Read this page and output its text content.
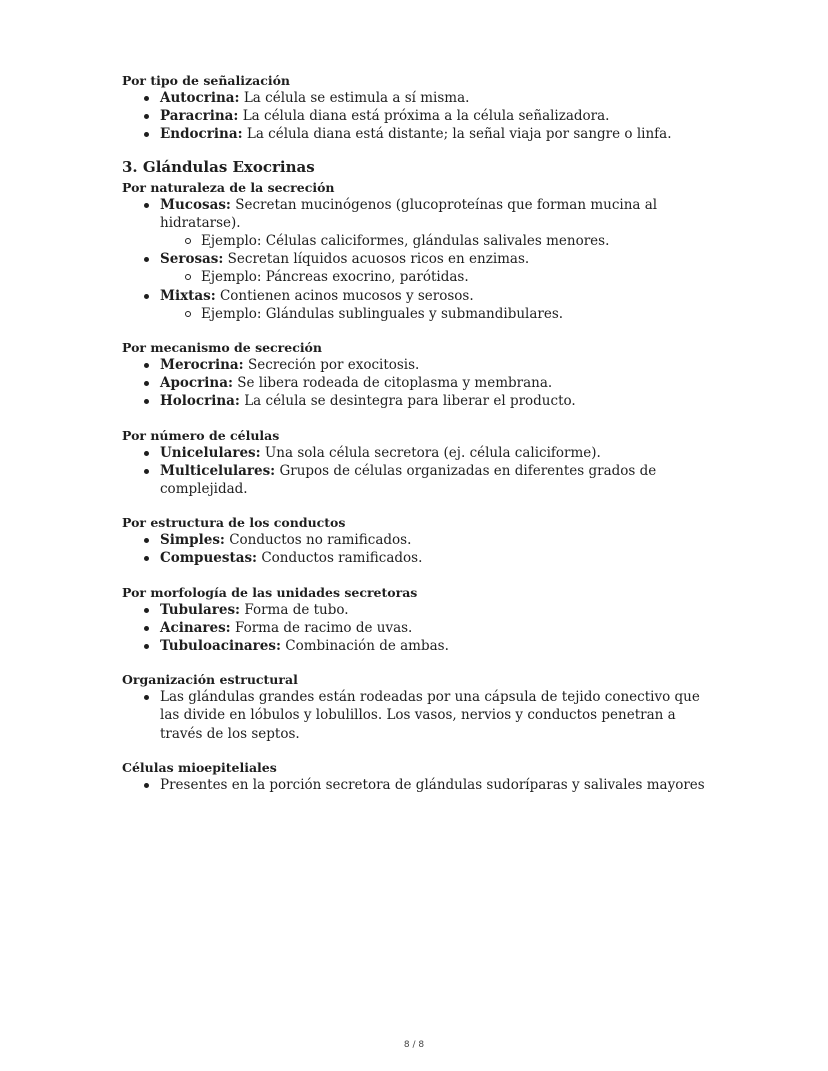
Por tipo de señalización

Autocrina: La célula se estimula a sí misma.
Paracrina: La célula diana está próxima a la célula señalizadora.
Endocrina: La célula diana está distante; la señal viaja por sangre o linfa.

3. Glándulas Exocrinas

Por naturaleza de la secreción

Mucosas: Secretan mucinógenos (glucoproteínas que forman mucina al hidratarse).
Ejemplo: Células caliciformes, glándulas salivales menores.
Serosas: Secretan líquidos acuosos ricos en enzimas.
Ejemplo: Páncreas exocrino, parótidas.
Mixtas: Contienen acinos mucosos y serosos.
Ejemplo: Glándulas sublinguales y submandibulares.

Por mecanismo de secreción

Merocrina: Secreción por exocitosis.
Apocrina: Se libera rodeada de citoplasma y membrana.
Holocrina: La célula se desintegra para liberar el producto.

Por número de células

Unicelulares: Una sola célula secretora (ej. célula caliciforme).
Multicelulares: Grupos de células organizadas en diferentes grados de complejidad.

Por estructura de los conductos

Simples: Conductos no ramificados.
Compuestas: Conductos ramificados.

Por morfología de las unidades secretoras

Tubulares: Forma de tubo.
Acinares: Forma de racimo de uvas.
Tubuloacinares: Combinación de ambas.

Organización estructural

Las glándulas grandes están rodeadas por una cápsula de tejido conectivo que las divide en lóbulos y lobulillos. Los vasos, nervios y conductos penetran a través de los septos.

Células mioepiteliales

Presentes en la porción secretora de glándulas sudoríparas y salivales mayores
8 / 8
